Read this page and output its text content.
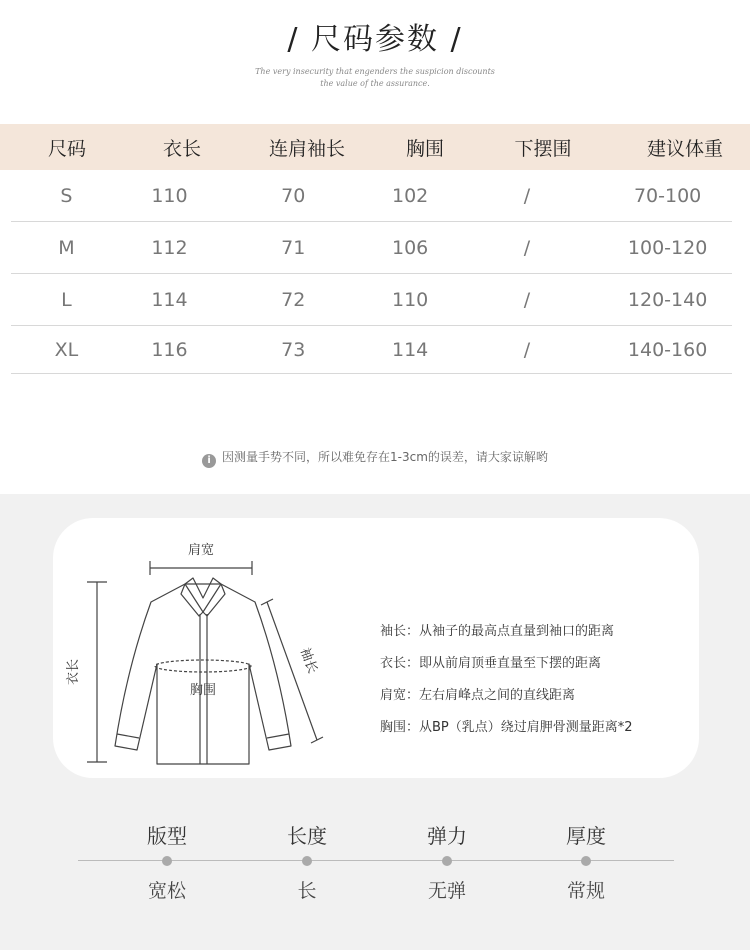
/ 尺码参数 /
The very insecurity that engenders the suspicion discounts
the value of the assurance.
尺码	衣长	连肩袖长	胸围	下摆围	建议体重
S	110	70	102	/	70-100
M	112	71	106	/	100-120
L	114	72	110	/	120-140
XL	116	73	114	/	140-160
i 因测量手势不同，所以难免存在1-3cm的误差，请大家谅解哟
肩宽
胸围
衣长	袖长
袖长：从袖子的最高点直量到袖口的距离
衣长：即从前肩顶垂直量至下摆的距离
肩宽：左右肩峰点之间的直线距离
胸围：从BP（乳点）绕过肩胛骨测量距离*2
版型
宽松
长度
长
弹力
无弹
厚度
常规
